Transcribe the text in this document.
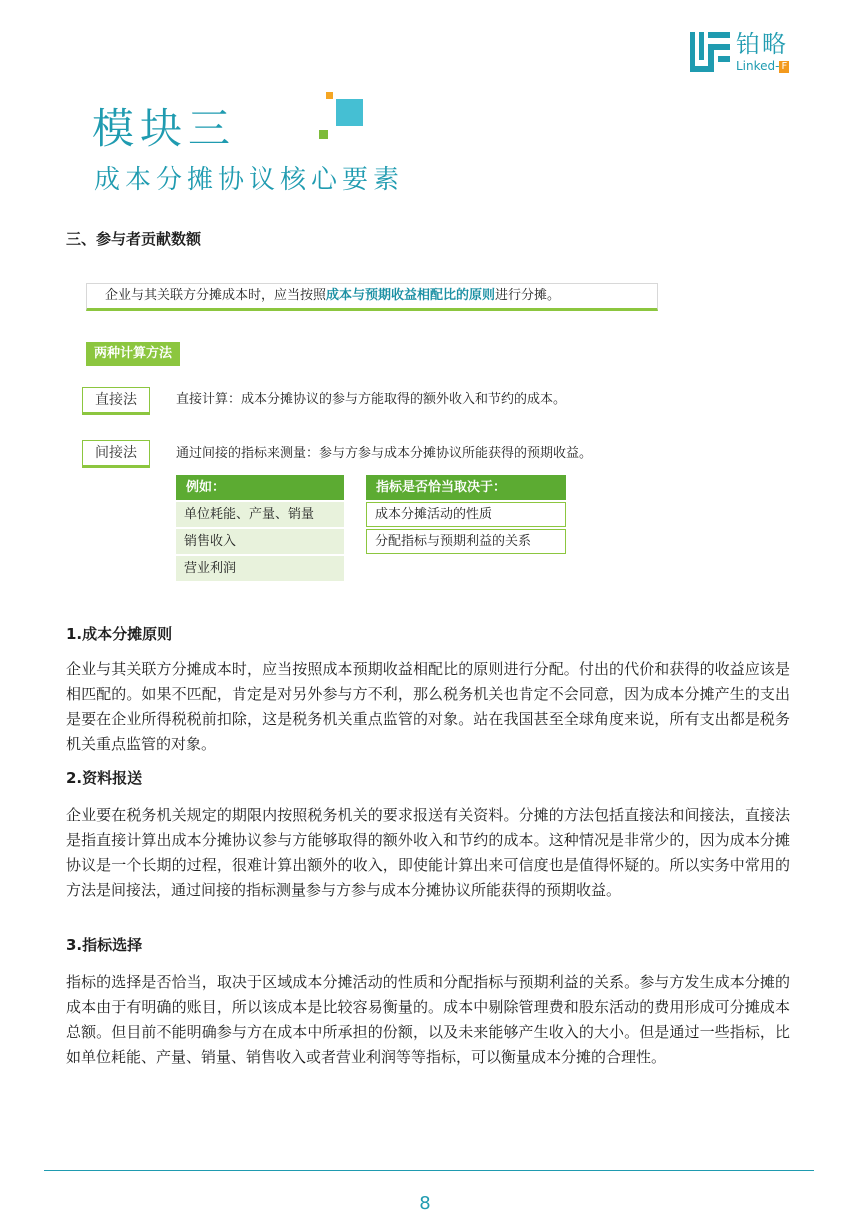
铂略
Linked- F
模块三
成本分摊协议核心要素
三、参与者贡献数额
企业与其关联方分摊成本时，应当按照成本与预期收益相配比的原则进行分摊。
两种计算方法
直接法	直接计算：成本分摊协议的参与方能取得的额外收入和节约的成本。
间接法	通过间接的指标来测量：参与方参与成本分摊协议所能获得的预期收益。
例如：
单位耗能、产量、销量
销售收入
营业利润
指标是否恰当取决于：
成本分摊活动的性质
分配指标与预期利益的关系
1.成本分摊原则
企业与其关联方分摊成本时，应当按照成本预期收益相配比的原则进行分配。付出的代价和获得的收益应该是相匹配的。如果不匹配，肯定是对另外参与方不利，那么税务机关也肯定不会同意，因为成本分摊产生的支出是要在企业所得税税前扣除，这是税务机关重点监管的对象。站在我国甚至全球角度来说，所有支出都是税务机关重点监管的对象。
2.资料报送
企业要在税务机关规定的期限内按照税务机关的要求报送有关资料。分摊的方法包括直接法和间接法，直接法是指直接计算出成本分摊协议参与方能够取得的额外收入和节约的成本。这种情况是非常少的，因为成本分摊协议是一个长期的过程，很难计算出额外的收入，即使能计算出来可信度也是值得怀疑的。所以实务中常用的方法是间接法，通过间接的指标测量参与方参与成本分摊协议所能获得的预期收益。
3.指标选择
指标的选择是否恰当，取决于区域成本分摊活动的性质和分配指标与预期利益的关系。参与方发生成本分摊的成本由于有明确的账目，所以该成本是比较容易衡量的。成本中剔除管理费和股东活动的费用形成可分摊成本总额。但目前不能明确参与方在成本中所承担的份额，以及未来能够产生收入的大小。但是通过一些指标，比如单位耗能、产量、销量、销售收入或者营业利润等等指标，可以衡量成本分摊的合理性。
8
